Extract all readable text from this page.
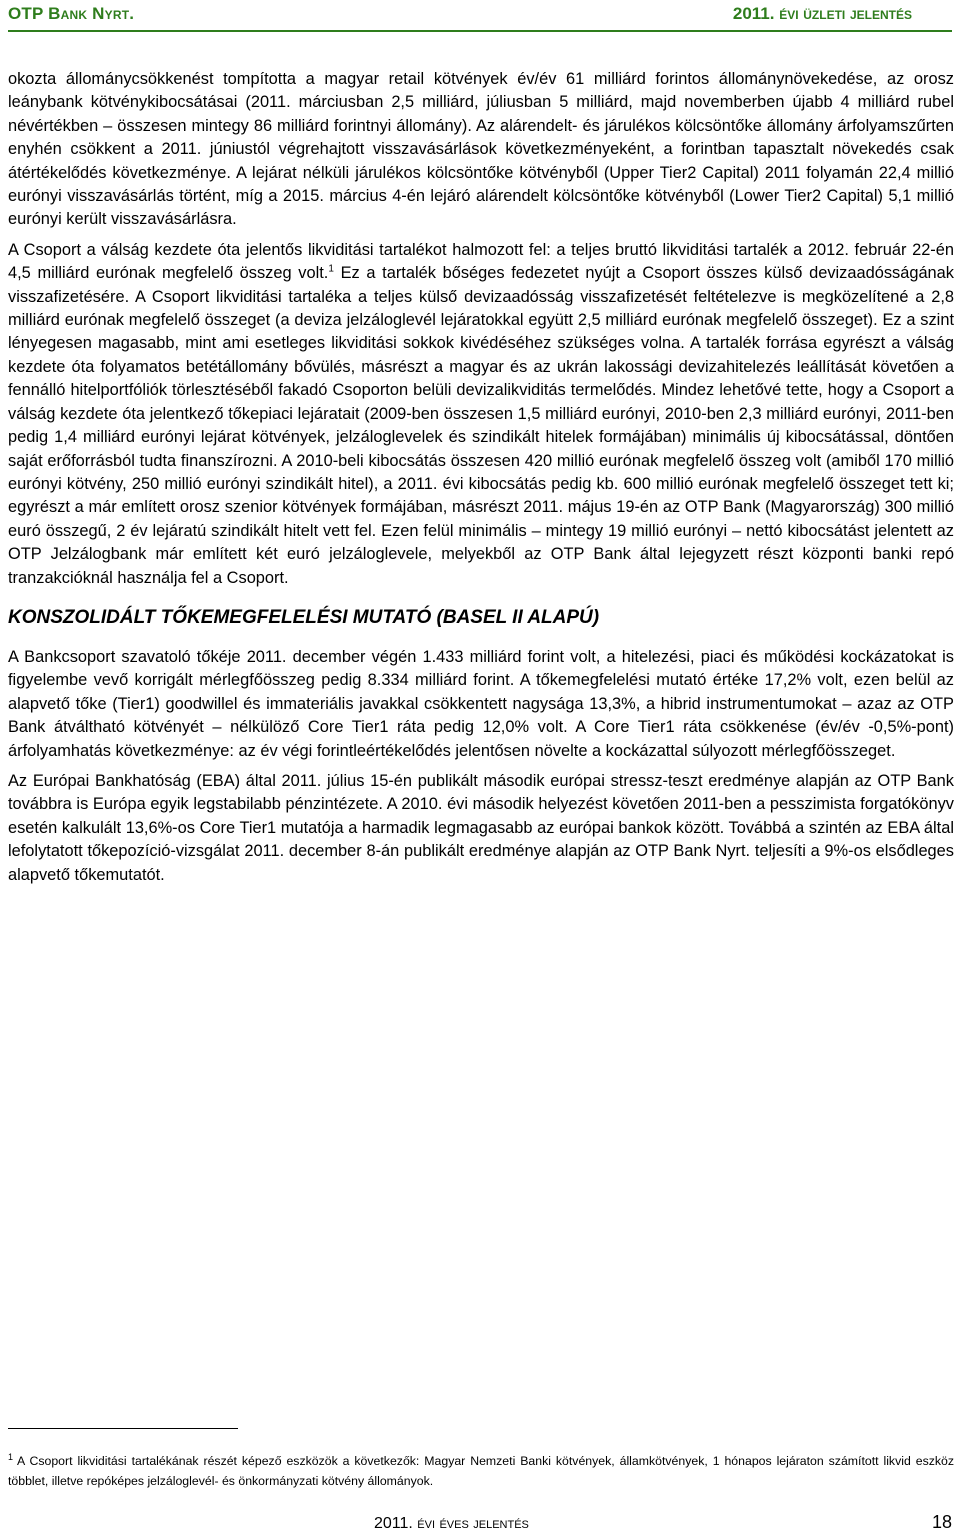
OTP Bank Nyrt.	2011. évi üzleti jelentés

okozta állománycsökkenést tompította a magyar retail kötvények év/év 61 milliárd forintos állománynövekedése, az orosz leánybank kötvénykibocsátásai (2011. márciusban 2,5 milliárd, júliusban 5 milliárd, majd novemberben újabb 4 milliárd rubel névértékben – összesen mintegy 86 milliárd forintnyi állomány). Az alárendelt- és járulékos kölcsöntőke állomány árfolyamszűrten enyhén csökkent a 2011. júniustól végrehajtott visszavásárlások következményeként, a forintban tapasztalt növekedés csak átértékelődés következménye. A lejárat nélküli járulékos kölcsöntőke kötvényből (Upper Tier2 Capital) 2011 folyamán 22,4 millió eurónyi visszavásárlás történt, míg a 2015. március 4-én lejáró alárendelt kölcsöntőke kötvényből (Lower Tier2 Capital) 5,1 millió eurónyi került visszavásárlásra.

A Csoport a válság kezdete óta jelentős likviditási tartalékot halmozott fel: a teljes bruttó likviditási tartalék a 2012. február 22-én 4,5 milliárd eurónak megfelelő összeg volt.$^1$ Ez a tartalék bőséges fedezetet nyújt a Csoport összes külső devizaadósságának visszafizetésére. A Csoport likviditási tartaléka a teljes külső devizaadósság visszafizetését feltételezve is megközelítené a 2,8 milliárd eurónak megfelelő összeget (a deviza jelzáloglevél lejáratokkal együtt 2,5 milliárd eurónak megfelelő összeget). Ez a szint lényegesen magasabb, mint ami esetleges likviditási sokkok kivédéséhez szükséges volna. A tartalék forrása egyrészt a válság kezdete óta folyamatos betétállomány bővülés, másrészt a magyar és az ukrán lakossági devizahitelezés leállítását követően a fennálló hitelportfóliók törlesztéséből fakadó Csoporton belüli devizalikviditás termelődés. Mindez lehetővé tette, hogy a Csoport a válság kezdete óta jelentkező tőkepiaci lejáratait (2009-ben összesen 1,5 milliárd eurónyi, 2010-ben 2,3 milliárd eurónyi, 2011-ben pedig 1,4 milliárd eurónyi lejárat kötvények, jelzáloglevelek és szindikált hitelek formájában) minimális új kibocsátással, döntően saját erőforrásból tudta finanszírozni. A 2010-beli kibocsátás összesen 420 millió eurónak megfelelő összeg volt (amiből 170 millió eurónyi kötvény, 250 millió eurónyi szindikált hitel), a 2011. évi kibocsátás pedig kb. 600 millió eurónak megfelelő összeget tett ki; egyrészt a már említett orosz szenior kötvények formájában, másrészt 2011. május 19-én az OTP Bank (Magyarország) 300 millió euró összegű, 2 év lejáratú szindikált hitelt vett fel. Ezen felül minimális – mintegy 19 millió eurónyi – nettó kibocsátást jelentett az OTP Jelzálogbank már említett két euró jelzáloglevele, melyekből az OTP Bank által lejegyzett részt központi banki repó tranzakcióknál használja fel a Csoport.

KONSZOLIDÁLT TŐKEMEGFELELÉSI MUTATÓ (BASEL II ALAPÚ)

A Bankcsoport szavatoló tőkéje 2011. december végén 1.433 milliárd forint volt, a hitelezési, piaci és működési kockázatokat is figyelembe vevő korrigált mérlegfőösszeg pedig 8.334 milliárd forint. A tőkemegfelelési mutató értéke 17,2% volt, ezen belül az alapvető tőke (Tier1) goodwillel és immateriális javakkal csökkentett nagysága 13,3%, a hibrid instrumentumokat – azaz az OTP Bank átváltható kötvényét – nélkülöző Core Tier1 ráta pedig 12,0% volt. A Core Tier1 ráta csökkenése (év/év -0,5%-pont) árfolyamhatás következménye: az év végi forintleértékelődés jelentősen növelte a kockázattal súlyozott mérlegfőösszeget.

Az Európai Bankhatóság (EBA) által 2011. július 15-én publikált második európai stressz-teszt eredménye alapján az OTP Bank továbbra is Európa egyik legstabilabb pénzintézete. A 2010. évi második helyezést követően 2011-ben a pesszimista forgatókönyv esetén kalkulált 13,6%-os Core Tier1 mutatója a harmadik legmagasabb az európai bankok között. Továbbá a szintén az EBA által lefolytatott tőkepozíció-vizsgálat 2011. december 8-án publikált eredménye alapján az OTP Bank Nyrt. teljesíti a 9%-os elsődleges alapvető tőkemutatót.

$^1$ A Csoport likviditási tartalékának részét képező eszközök a következők: Magyar Nemzeti Banki kötvények, államkötvények, 1 hónapos lejáraton számított likvid eszköz többlet, illetve repóképes jelzáloglevél- és önkormányzati kötvény állományok.
2011. évi éves jelentés	18
